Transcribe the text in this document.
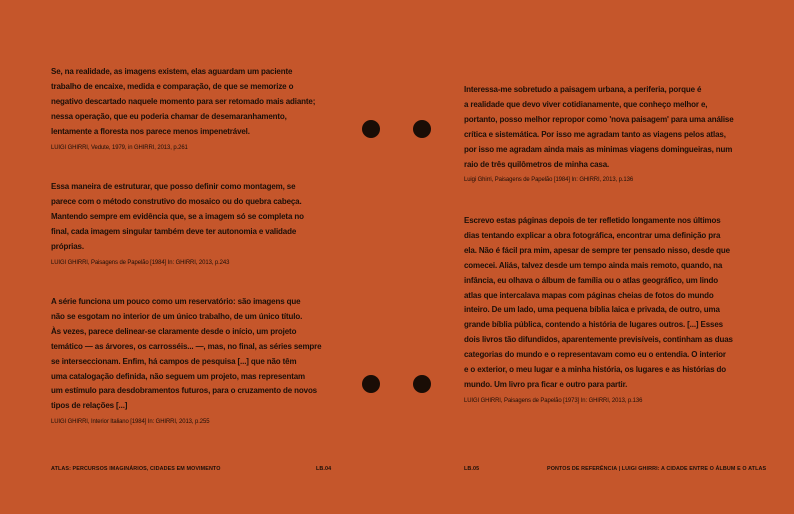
Se, na realidade, as imagens existem, elas aguardam um paciente
trabalho de encaixe, medida e comparação, de que se memorize o
negativo descartado naquele momento para ser retomado mais adiante;
nessa operação, que eu poderia chamar de desemaranhamento,
lentamente a floresta nos parece menos impenetrável.
LUIGI GHIRRI, Vedute, 1979, in GHIRRI, 2013, p.261
Essa maneira de estruturar, que posso definir como montagem, se
parece com o método construtivo do mosaico ou do quebra cabeça.
Mantendo sempre em evidência que, se a imagem só se completa no
final, cada imagem singular também deve ter autonomia e validade
próprias.
LUIGI GHIRRI, Paisagens de Papelão [1984] In: GHIRRI, 2013, p.243
A série funciona um pouco como um reservatório: são imagens que
não se esgotam no interior de um único trabalho, de um único título.
Às vezes, parece delinear-se claramente desde o início, um projeto
temático — as árvores, os carrosséis... —, mas, no final, as séries sempre
se interseccionam. Enfim, há campos de pesquisa [...] que não têm
uma catalogação definida, não seguem um projeto, mas representam
um estímulo para desdobramentos futuros, para o cruzamento de novos
tipos de relações [...]
LUIGI GHIRRI, Interior Italiano [1984] In: GHIRRI, 2013, p.255
ATLAS: PERCURSOS IMAGINÁRIOS, CIDADES EM MOVIMENTO	LB.04
Interessa-me sobretudo a paisagem urbana, a periferia, porque é
a realidade que devo viver cotidianamente, que conheço melhor e,
portanto, posso melhor repropor como 'nova paisagem' para uma análise
crítica e sistemática. Por isso me agradam tanto as viagens pelos atlas,
por isso me agradam ainda mais as minimas viagens domingueiras, num
raio de três quilômetros de minha casa.
Luigi Ghirri, Paisagens de Papelão [1984] In: GHIRRI, 2013, p.136
Escrevo estas páginas depois de ter refletido longamente nos últimos
dias tentando explicar a obra fotográfica, encontrar uma definição pra
ela. Não é fácil pra mim, apesar de sempre ter pensado nisso, desde que
comecei. Aliás, talvez desde um tempo ainda mais remoto, quando, na
infância, eu olhava o álbum de família ou o atlas geográfico, um lindo
atlas que intercalava mapas com páginas cheias de fotos do mundo
inteiro. De um lado, uma pequena bíblia laica e privada, de outro, uma
grande bíblia pública, contendo a história de lugares outros. [...] Esses
dois livros tão difundidos, aparentemente previsíveis, continham as duas
categorias do mundo e o representavam como eu o entendia. O interior
e o exterior, o meu lugar e a minha história, os lugares e as histórias do
mundo. Um livro pra ficar e outro para partir.
LUIGI GHIRRI, Paisagens de Papelão [1973] In: GHIRRI, 2013, p.136
LB.05	PONTOS DE REFERÊNCIA | LUIGI GHIRRI: A CIDADE ENTRE O ÁLBUM E O ATLAS
